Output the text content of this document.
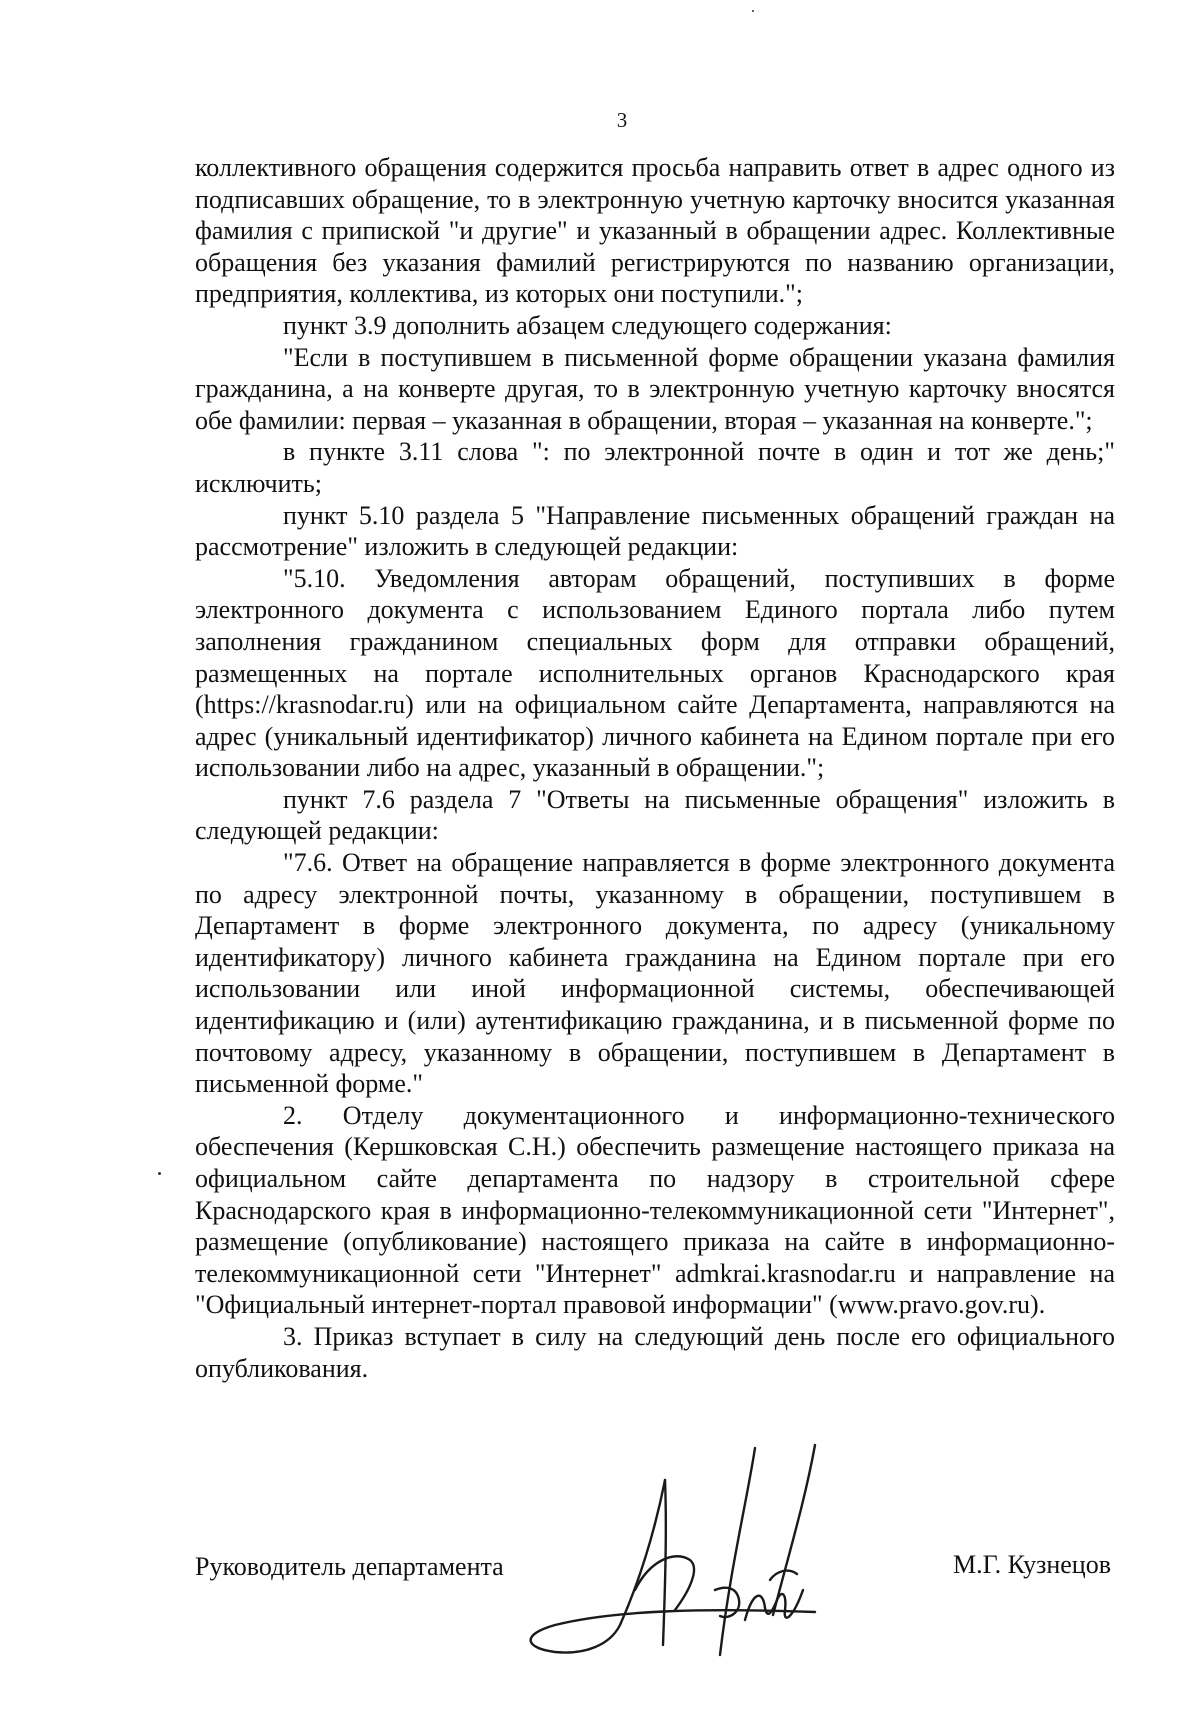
3

коллективного обращения содержится просьба направить ответ в адрес одного из подписавших обращение, то в электронную учетную карточку вносится указанная фамилия с припиской "и другие" и указанный в обращении адрес. Коллективные обращения без указания фамилий регистрируются по названию организации, предприятия, коллектива, из которых они поступили.";

пункт 3.9 дополнить абзацем следующего содержания:

"Если в поступившем в письменной форме обращении указана фамилия гражданина, а на конверте другая, то в электронную учетную карточку вносятся обе фамилии: первая – указанная в обращении, вторая – указанная на конверте.";

в пункте 3.11 слова ": по электронной почте в один и тот же день;" исключить;

пункт 5.10 раздела 5 "Направление письменных обращений граждан на рассмотрение" изложить в следующей редакции:

"5.10. Уведомления авторам обращений, поступивших в форме электронного документа с использованием Единого портала либо путем заполнения гражданином специальных форм для отправки обращений, размещенных на портале исполнительных органов Краснодарского края (https://krasnodar.ru) или на официальном сайте Департамента, направляются на адрес (уникальный идентификатор) личного кабинета на Едином портале при его использовании либо на адрес, указанный в обращении.";

пункт 7.6 раздела 7 "Ответы на письменные обращения" изложить в следующей редакции:

"7.6. Ответ на обращение направляется в форме электронного документа по адресу электронной почты, указанному в обращении, поступившем в Департамент в форме электронного документа, по адресу (уникальному идентификатору) личного кабинета гражданина на Едином портале при его использовании или иной информационной системы, обеспечивающей идентификацию и (или) аутентификацию гражданина, и в письменной форме по почтовому адресу, указанному в обращении, поступившем в Департамент в письменной форме."

2. Отделу документационного и информационно-технического обеспечения (Кершковская С.Н.) обеспечить размещение настоящего приказа на официальном сайте департамента по надзору в строительной сфере Краснодарского края в информационно-телекоммуникационной сети "Интернет", размещение (опубликование) настоящего приказа на сайте в информационно-телекоммуникационной сети "Интернет" admkrai.krasnodar.ru и направление на "Официальный интернет-портал правовой информации" (www.pravo.gov.ru).

3. Приказ вступает в силу на следующий день после его официального опубликования.

Руководитель департамента	М.Г. Кузнецов
